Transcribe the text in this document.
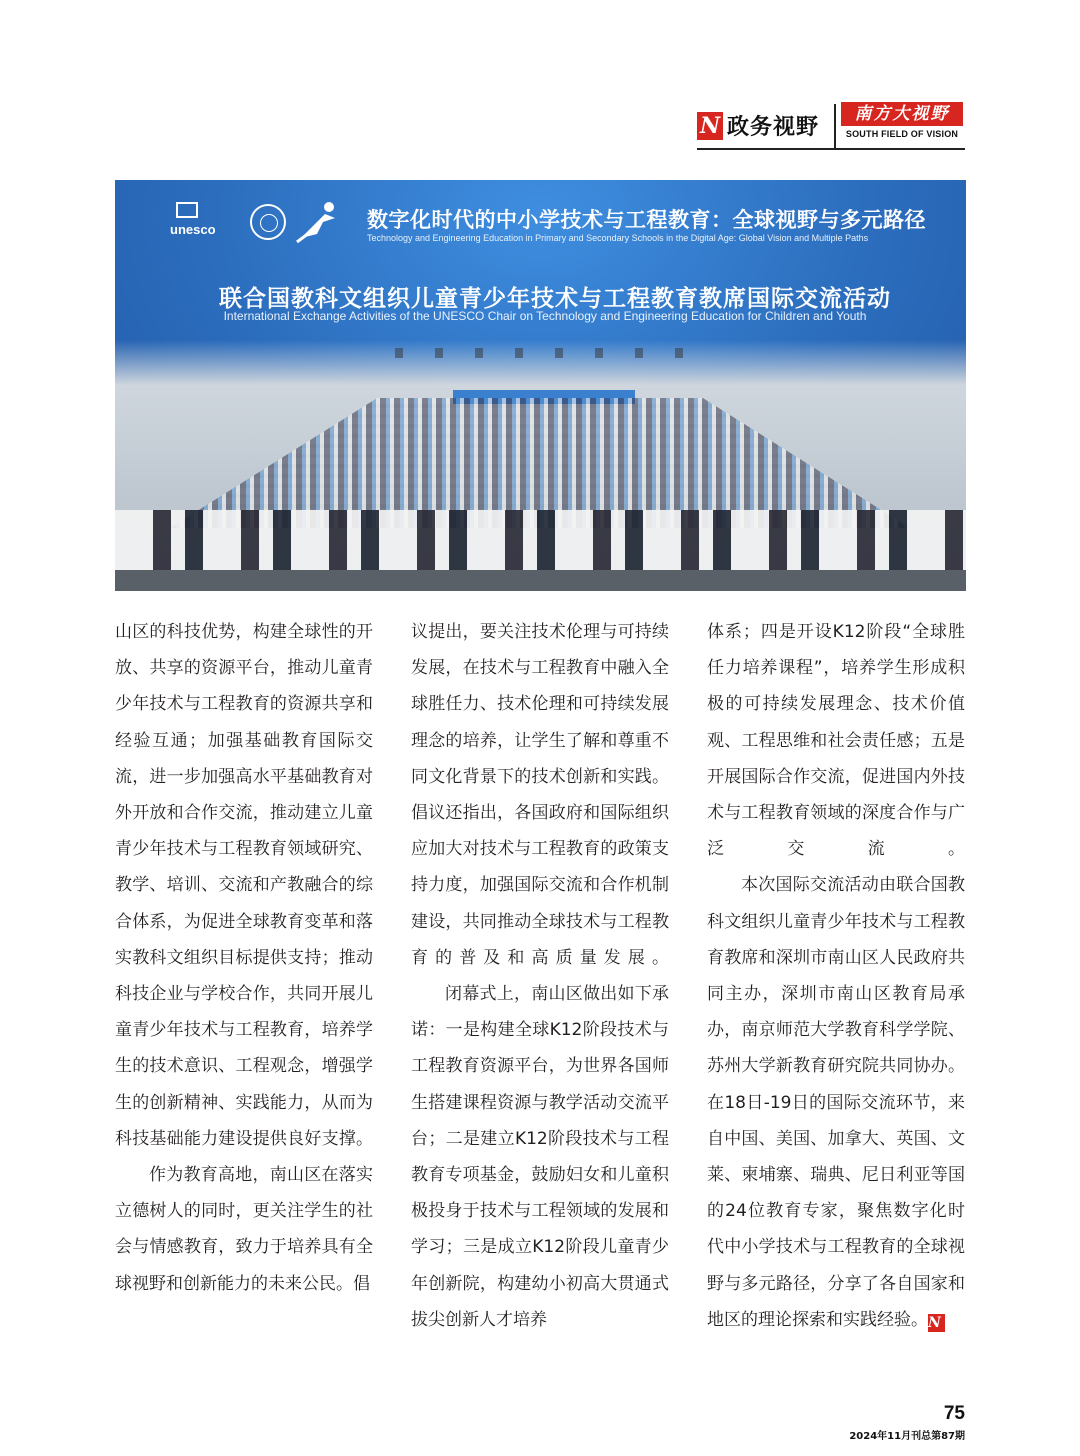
N 政务视野
南方大视野
SOUTH FIELD OF VISION
unesco	数字化时代的中小学技术与工程教育：全球视野与多元路径
Technology and Engineering Education in Primary and Secondary Schools in the Digital Age: Global Vision and Multiple Paths
联合国教科文组织儿童青少年技术与工程教育教席国际交流活动
International Exchange Activities of the UNESCO Chair on Technology and Engineering Education for Children and Youth

山区的科技优势，构建全球性的开放、共享的资源平台，推动儿童青少年技术与工程教育的资源共享和经验互通；加强基础教育国际交流，进一步加强高水平基础教育对外开放和合作交流，推动建立儿童青少年技术与工程教育领域研究、教学、培训、交流和产教融合的综合体系，为促进全球教育变革和落实教科文组织目标提供支持；推动科技企业与学校合作，共同开展儿童青少年技术与工程教育，培养学生的技术意识、工程观念，增强学生的创新精神、实践能力，从而为科技基础能力建设提供良好支撑。

作为教育高地，南山区在落实立德树人的同时，更关注学生的社会与情感教育，致力于培养具有全球视野和创新能力的未来公民。倡

议提出，要关注技术伦理与可持续发展，在技术与工程教育中融入全球胜任力、技术伦理和可持续发展理念的培养，让学生了解和尊重不同文化背景下的技术创新和实践。倡议还指出，各国政府和国际组织应加大对技术与工程教育的政策支持力度，加强国际交流和合作机制建设，共同推动全球技术与工程教育的普及和高质量发展。

闭幕式上，南山区做出如下承诺：一是构建全球K12阶段技术与工程教育资源平台，为世界各国师生搭建课程资源与教学活动交流平台；二是建立K12阶段技术与工程教育专项基金，鼓励妇女和儿童积极投身于技术与工程领域的发展和学习；三是成立K12阶段儿童青少年创新院，构建幼小初高大贯通式拔尖创新人才培养

体系；四是开设K12阶段“全球胜任力培养课程”，培养学生形成积极的可持续发展理念、技术价值观、工程思维和社会责任感；五是开展国际合作交流，促进国内外技术与工程教育领域的深度合作与广泛交流。

本次国际交流活动由联合国教科文组织儿童青少年技术与工程教育教席和深圳市南山区人民政府共同主办，深圳市南山区教育局承办，南京师范大学教育科学学院、苏州大学新教育研究院共同协办。在18日-19日的国际交流环节，来自中国、美国、加拿大、英国、文莱、柬埔寨、瑞典、尼日利亚等国的24位教育专家，聚焦数字化时代中小学技术与工程教育的全球视野与多元路径，分享了各自国家和地区的理论探索和实践经验。N

75
2024年11月刊总第87期
